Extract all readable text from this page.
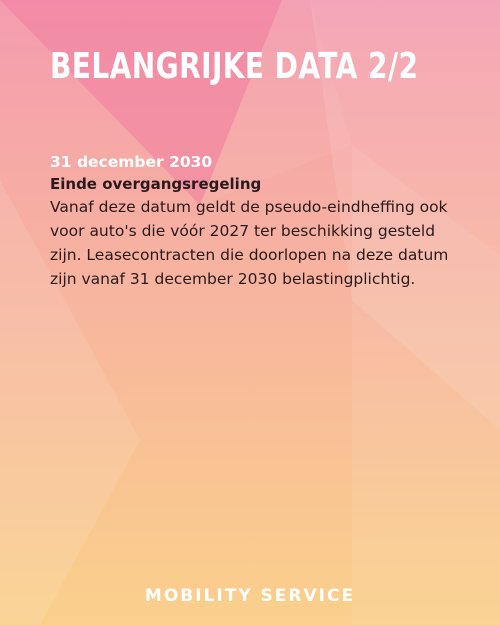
BELANGRIJKE DATA 2/2
31 december 2030
Einde overgangsregeling

Vanaf deze datum geldt de pseudo-eindheffing ook voor auto's die vóór 2027 ter beschikking gesteld zijn. Leasecontracten die doorlopen na deze datum zijn vanaf 31 december 2030 belastingplichtig.

MOBILITY SERVICE
